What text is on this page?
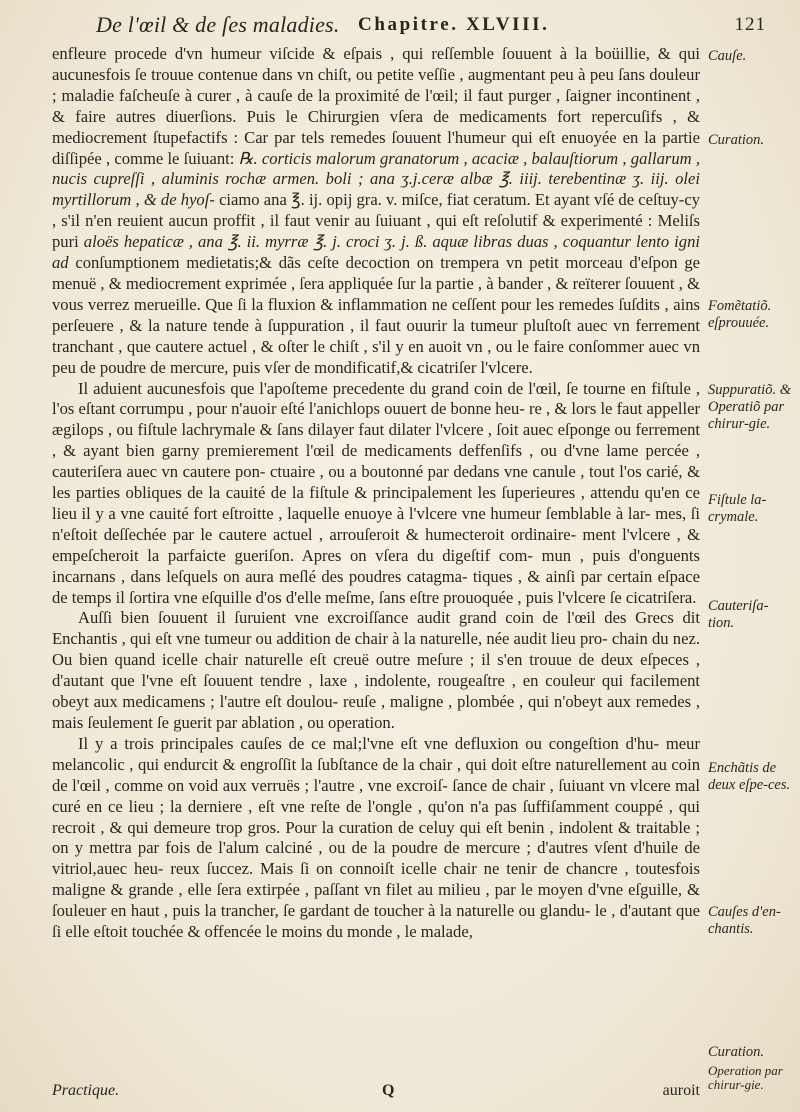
De l'œil & de ſes maladies. Chapitre. XLVIII.	121

enfleure procede d'vn humeur viſcide & eſpais , qui reſſemble ſouuent à la boüillie, & qui aucunesfois ſe trouue contenue dans vn chiſt, ou petite veſſie , augmentant peu à peu ſans douleur ; maladie faſcheuſe à curer , à cauſe de la proximité de l'œil; il faut purger , ſaigner incontinent , & faire autres diuerſions. Puis le Chirurgien vſera de medicaments fort repercuſifs , & mediocrement ſtupefactifs : Car par tels remedes ſouuent l'humeur qui eſt enuoyée en la partie diſſipée , comme le ſuiuant: ℞. corticis malorum granatorum , acaciæ , balauſtiorum , gallarum , nucis cupreſſi , aluminis rochæ armen. boli ; ana ʒ.j.ceræ albæ ℥. iiij. terebentinæ ʒ. iij. olei myrtillorum , & de hyoſ- ciamo ana ℥. ij. opij gra. v. miſce, fiat ceratum. Et ayant vſé de ceſtuy-cy , s'il n'en reuient aucun proffit , il faut venir au ſuiuant , qui eſt reſolutif & experimenté : Meliſs puri aloës hepaticæ , ana ℥. ii. myrræ ℥. j. croci ʒ. j. ß. aquæ libras duas , coquantur lento igni ad conſumptionem medietatis;& dãs ceſte decoction on trempera vn petit morceau d'eſpon ge menuë , & mediocrement exprimée , ſera appliquée ſur la partie , à bander , & reïterer ſouuent , & vous verrez merueille. Que ſi la fluxion & inflammation ne ceſſent pour les remedes ſuſdits , ains perſeuere , & la nature tende à ſuppuration , il faut ouurir la tumeur pluſtoſt auec vn ferrement tranchant , que cautere actuel , & oſter le chiſt , s'il y en auoit vn , ou le faire conſommer auec vn peu de poudre de mercure, puis vſer de mondificatif,& cicatriſer l'vlcere.

Il aduient aucunesfois que l'apoſteme precedente du grand coin de l'œil, ſe tourne en fiſtule , l'os eſtant corrumpu , pour n'auoir eſté l'anichlops ouuert de bonne heu- re , & lors le faut appeller ægilops , ou fiſtule lachrymale & ſans dilayer faut dilater l'vlcere , ſoit auec eſponge ou ferrement , & ayant bien garny premierement l'œil de medicaments deffenſifs , ou d'vne lame percée , cauteriſera auec vn cautere pon- ctuaire , ou a boutonné par dedans vne canule , tout l'os carié, & les parties obliques de la cauité de la fiſtule & principalement les ſuperieures , attendu qu'en ce lieu il y a vne cauité fort eſtroitte , laquelle enuoye à l'vlcere vne humeur ſemblable à lar- mes, ſi n'eſtoit deſſechée par le cautere actuel , arrouſeroit & humecteroit ordinaire- ment l'vlcere , & empeſcheroit la parfaicte gueriſon. Apres on vſera du digeſtif com- mun , puis d'onguents incarnans , dans leſquels on aura meſlé des poudres catagma- tiques , & ainſi par certain eſpace de temps il ſortira vne eſquille d'os d'elle meſme, ſans eſtre prouoquée , puis l'vlcere ſe cicatriſera.

Auſſi bien ſouuent il ſuruient vne excroiſſance audit grand coin de l'œil des Grecs dit Enchantis , qui eſt vne tumeur ou addition de chair à la naturelle, née audit lieu pro- chain du nez. Ou bien quand icelle chair naturelle eſt creuë outre meſure ; il s'en trouue de deux eſpeces , d'autant que l'vne eſt ſouuent tendre , laxe , indolente, rougeaſtre , en couleur qui facilement obeyt aux medicamens ; l'autre eſt doulou- reuſe , maligne , plombée , qui n'obeyt aux remedes , mais ſeulement ſe guerit par ablation , ou operation.

Il y a trois principales cauſes de ce mal;l'vne eſt vne defluxion ou congeſtion d'hu- meur melancolic , qui endurcit & engroſſit la ſubſtance de la chair , qui doit eſtre naturellement au coin de l'œil , comme on void aux verruës ; l'autre , vne excroiſ- ſance de chair , ſuiuant vn vlcere mal curé en ce lieu ; la derniere , eſt vne reſte de l'ongle , qu'on n'a pas ſuffiſamment couppé , qui recroit , & qui demeure trop gros. Pour la curation de celuy qui eſt benin , indolent & traitable ; on y mettra par fois de l'alum calciné , ou de la poudre de mercure ; d'autres vſent d'huile de vitriol,auec heu- reux ſuccez. Mais ſi on connoiſt icelle chair ne tenir de chancre , toutesfois maligne & grande , elle ſera extirpée , paſſant vn filet au milieu , par le moyen d'vne eſguille, & ſouleuer en haut , puis la trancher, ſe gardant de toucher à la naturelle ou glandu- le , d'autant que ſi elle eſtoit touchée & offencée le moins du monde , le malade,

Cauſe.
Curation.
Fomẽtatiõ. eſprouuée.
Suppuratiõ. & Operatiõ par chirur-gie.
Fiſtule la-crymale.
Cauteriſa-tion.
Enchãtis de deux eſpe-ces.
Cauſes d'en-chantis.
Curation.
Operation par chirur-gie.
Practique.	Q	auroit
